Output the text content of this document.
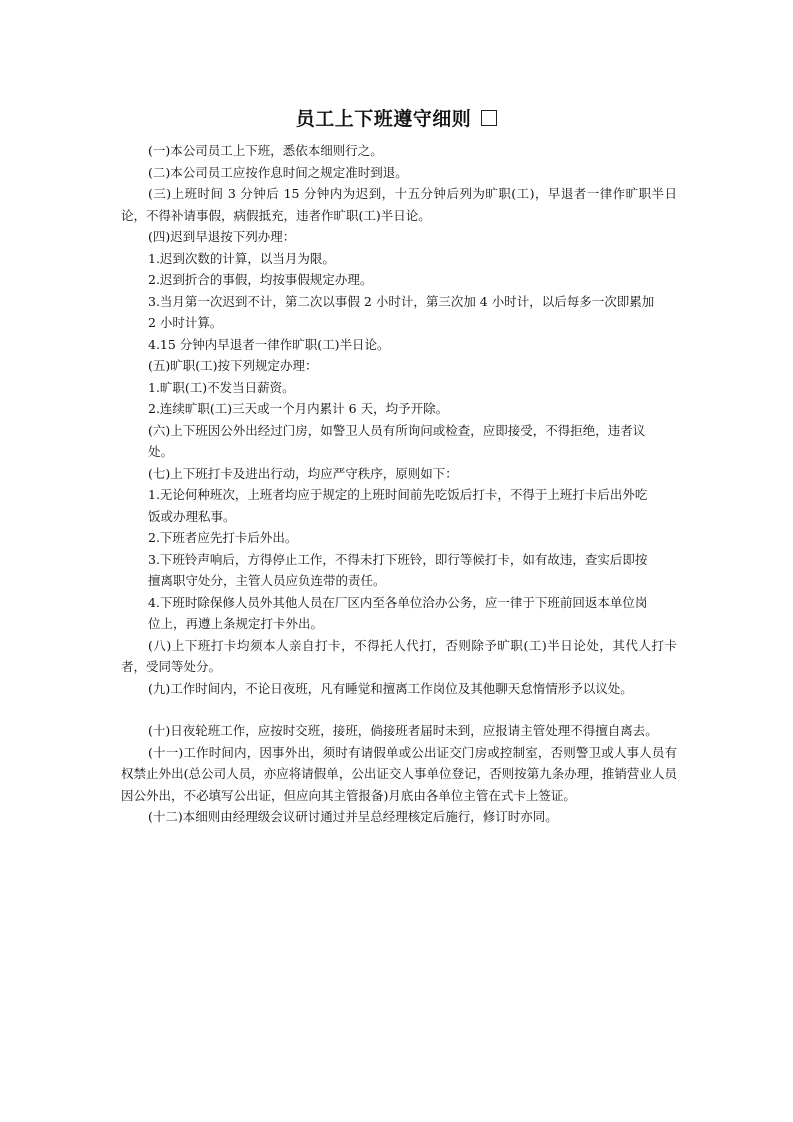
员工上下班遵守细则

(一)本公司员工上下班，悉依本细则行之。

(二)本公司员工应按作息时间之规定准时到退。

(三)上班时间 3 分钟后 15 分钟内为迟到，十五分钟后列为旷职(工)，早退者一律作旷职半日论，不得补请事假，病假抵充，违者作旷职(工)半日论。

(四)迟到早退按下列办理：

1.迟到次数的计算，以当月为限。

2.迟到折合的事假，均按事假规定办理。

3.当月第一次迟到不计，第二次以事假 2 小时计，第三次加 4 小时计，以后每多一次即累加

2 小时计算。

4.15 分钟内早退者一律作旷职(工)半日论。

(五)旷职(工)按下列规定办理：

1.旷职(工)不发当日薪资。

2.连续旷职(工)三天或一个月内累计 6 天，均予开除。

(六)上下班因公外出经过门房，如警卫人员有所询问或检查，应即接受，不得拒绝，违者议

处。

(七)上下班打卡及进出行动，均应严守秩序，原则如下：

1.无论何种班次，上班者均应于规定的上班时间前先吃饭后打卡，不得于上班打卡后出外吃

饭或办理私事。

2.下班者应先打卡后外出。

3.下班铃声响后，方得停止工作，不得未打下班铃，即行等候打卡，如有故违，查实后即按

擅离职守处分，主管人员应负连带的责任。

4.下班时除保修人员外其他人员在厂区内至各单位洽办公务，应一律于下班前回返本单位岗

位上，再遵上条规定打卡外出。

(八)上下班打卡均须本人亲自打卡，不得托人代打，否则除予旷职(工)半日论处，其代人打卡者，受同等处分。

(九)工作时间内，不论日夜班，凡有睡觉和擅离工作岗位及其他聊天怠惰情形予以议处。

(十)日夜轮班工作，应按时交班，接班，倘接班者届时未到，应报请主管处理不得擅自离去。

(十一)工作时间内，因事外出，须时有请假单或公出证交门房或控制室，否则警卫或人事人员有权禁止外出(总公司人员，亦应将请假单，公出证交人事单位登记，否则按第九条办理，推销营业人员因公外出，不必填写公出证，但应向其主管报备)月底由各单位主管在式卡上签证。

(十二)本细则由经理级会议研讨通过并呈总经理核定后施行，修订时亦同。
